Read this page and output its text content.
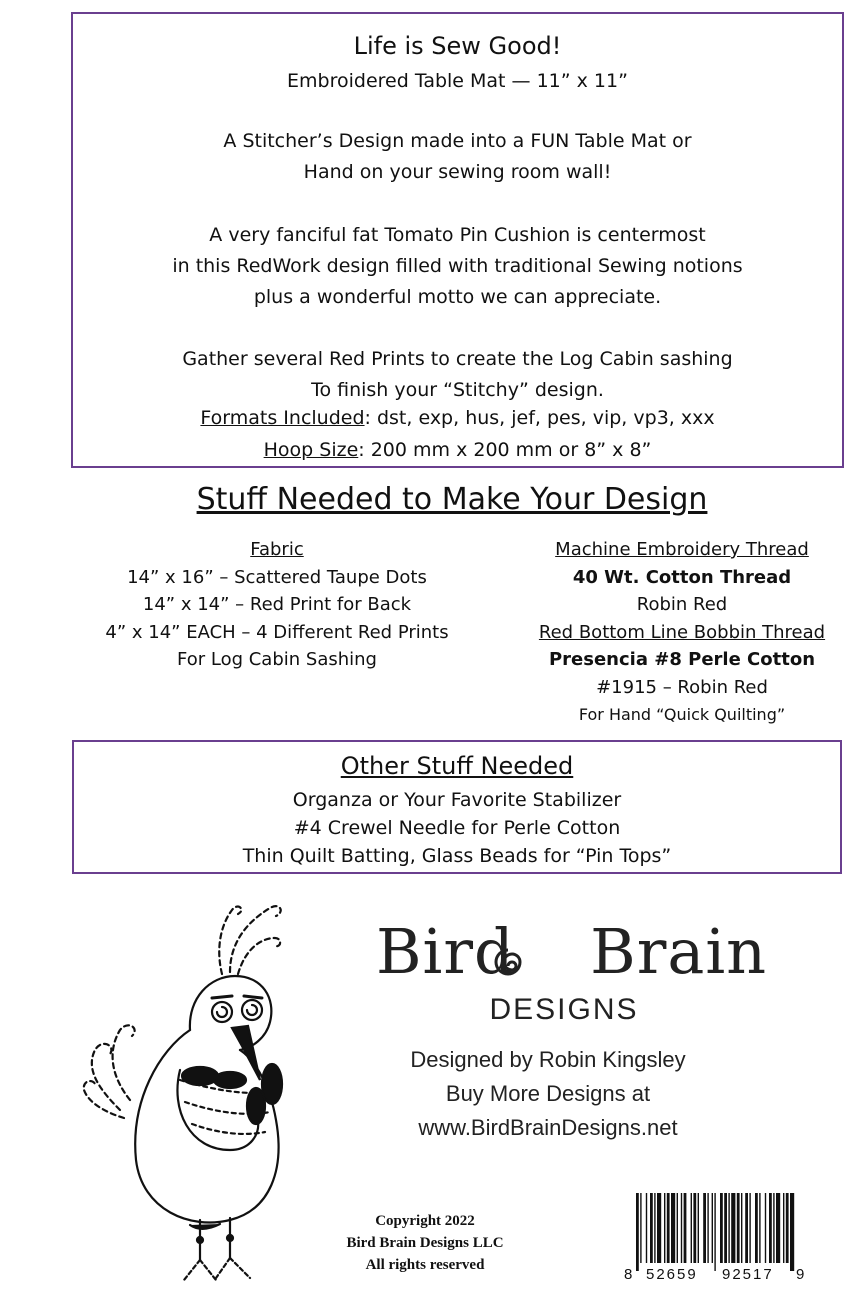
Life is Sew Good!
Embroidered Table Mat — 11” x 11”
A Stitcher’s Design made into a FUN Table Mat or
Hand on your sewing room wall!
A very fanciful fat Tomato Pin Cushion is centermost
in this RedWork design filled with traditional Sewing notions
plus a wonderful motto we can appreciate.
Gather several Red Prints to create the Log Cabin sashing
To finish your “Stitchy” design.
Formats Included: dst, exp, hus, jef, pes, vip, vp3, xxx
Hoop Size: 200 mm x 200 mm or 8” x 8”
Stuff Needed to Make Your Design
Fabric
14” x 16” – Scattered Taupe Dots
14” x 14” – Red Print for Back
4” x 14” EACH – 4 Different Red Prints
For Log Cabin Sashing
Machine Embroidery Thread
40 Wt. Cotton Thread
Robin Red
Red Bottom Line Bobbin Thread
Presencia #8 Perle Cotton
#1915 – Robin Red
For Hand “Quick Quilting”
Other Stuff Needed
Organza or Your Favorite Stabilizer
#4 Crewel Needle for Perle Cotton
Thin Quilt Batting, Glass Beads for “Pin Tops”
Bird Brain
DESIGNS
Designed by Robin Kingsley
Buy More Designs at
www.BirdBrainDesigns.net
Copyright 2022
Bird Brain Designs LLC
All rights reserved
8 52659 92517 9
